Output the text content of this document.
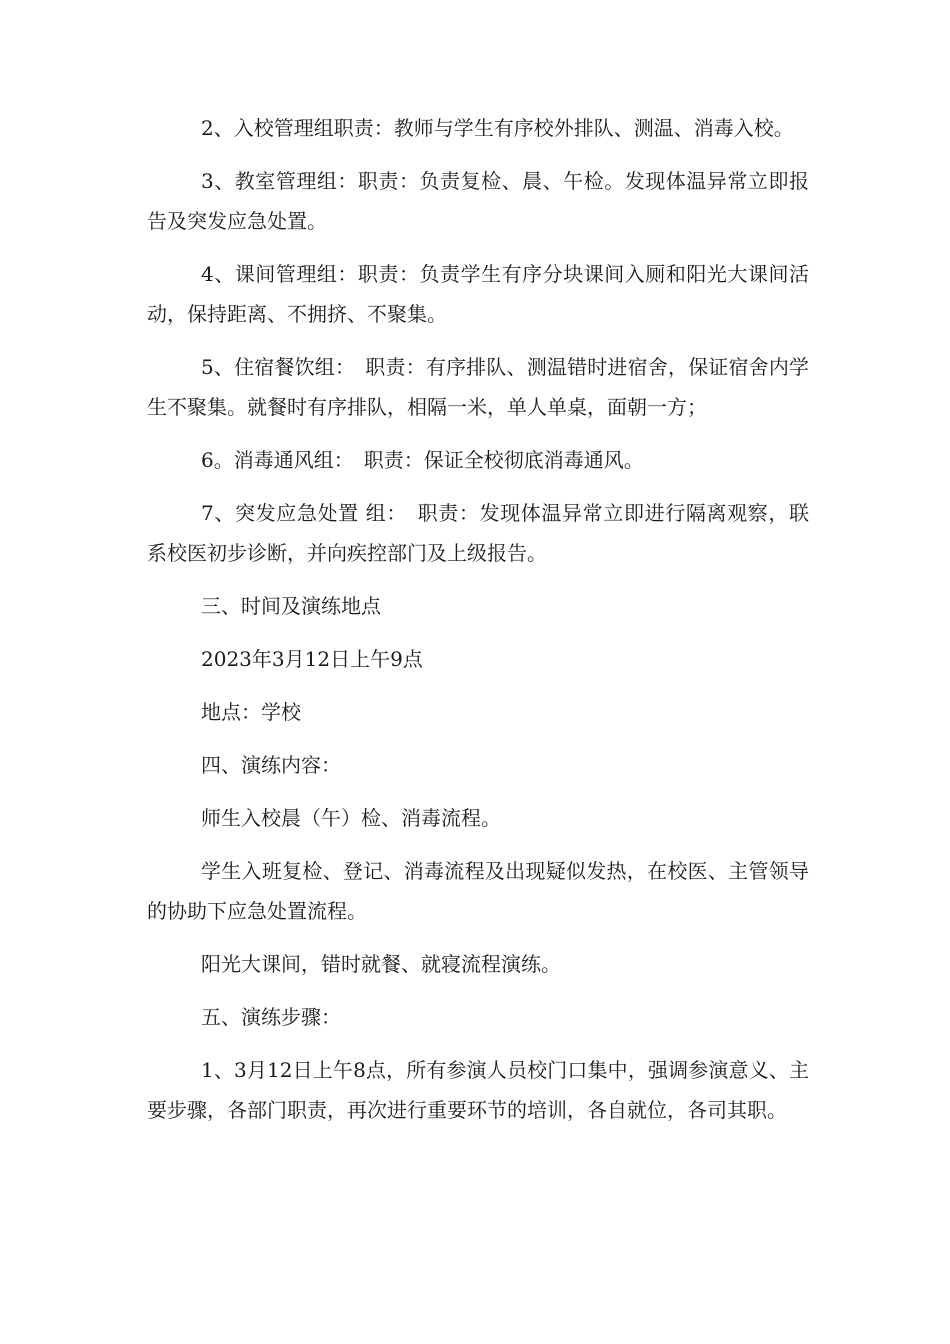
2、入校管理组职责：教师与学生有序校外排队、测温、消毒入校。

3、教室管理组：职责：负责复检、晨、午检。发现体温异常立即报告及突发应急处置。

4、课间管理组：职责：负责学生有序分块课间入厕和阳光大课间活动，保持距离、不拥挤、不聚集。

5、住宿餐饮组：　职责：有序排队、测温错时进宿舍，保证宿舍内学生不聚集。就餐时有序排队，相隔一米，单人单桌，面朝一方；

6。消毒通风组：　职责：保证全校彻底消毒通风。

7、突发应急处置 组：　职责：发现体温异常立即进行隔离观察，联系校医初步诊断，并向疾控部门及上级报告。

三、时间及演练地点

2023年3月12日上午9点

地点：学校

四、演练内容：

师生入校晨（午）检、消毒流程。

学生入班复检、登记、消毒流程及出现疑似发热，在校医、主管领导的协助下应急处置流程。

阳光大课间，错时就餐、就寝流程演练。

五、演练步骤：

1、3月12日上午8点，所有参演人员校门口集中，强调参演意义、主要步骤，各部门职责，再次进行重要环节的培训，各自就位，各司其职。
